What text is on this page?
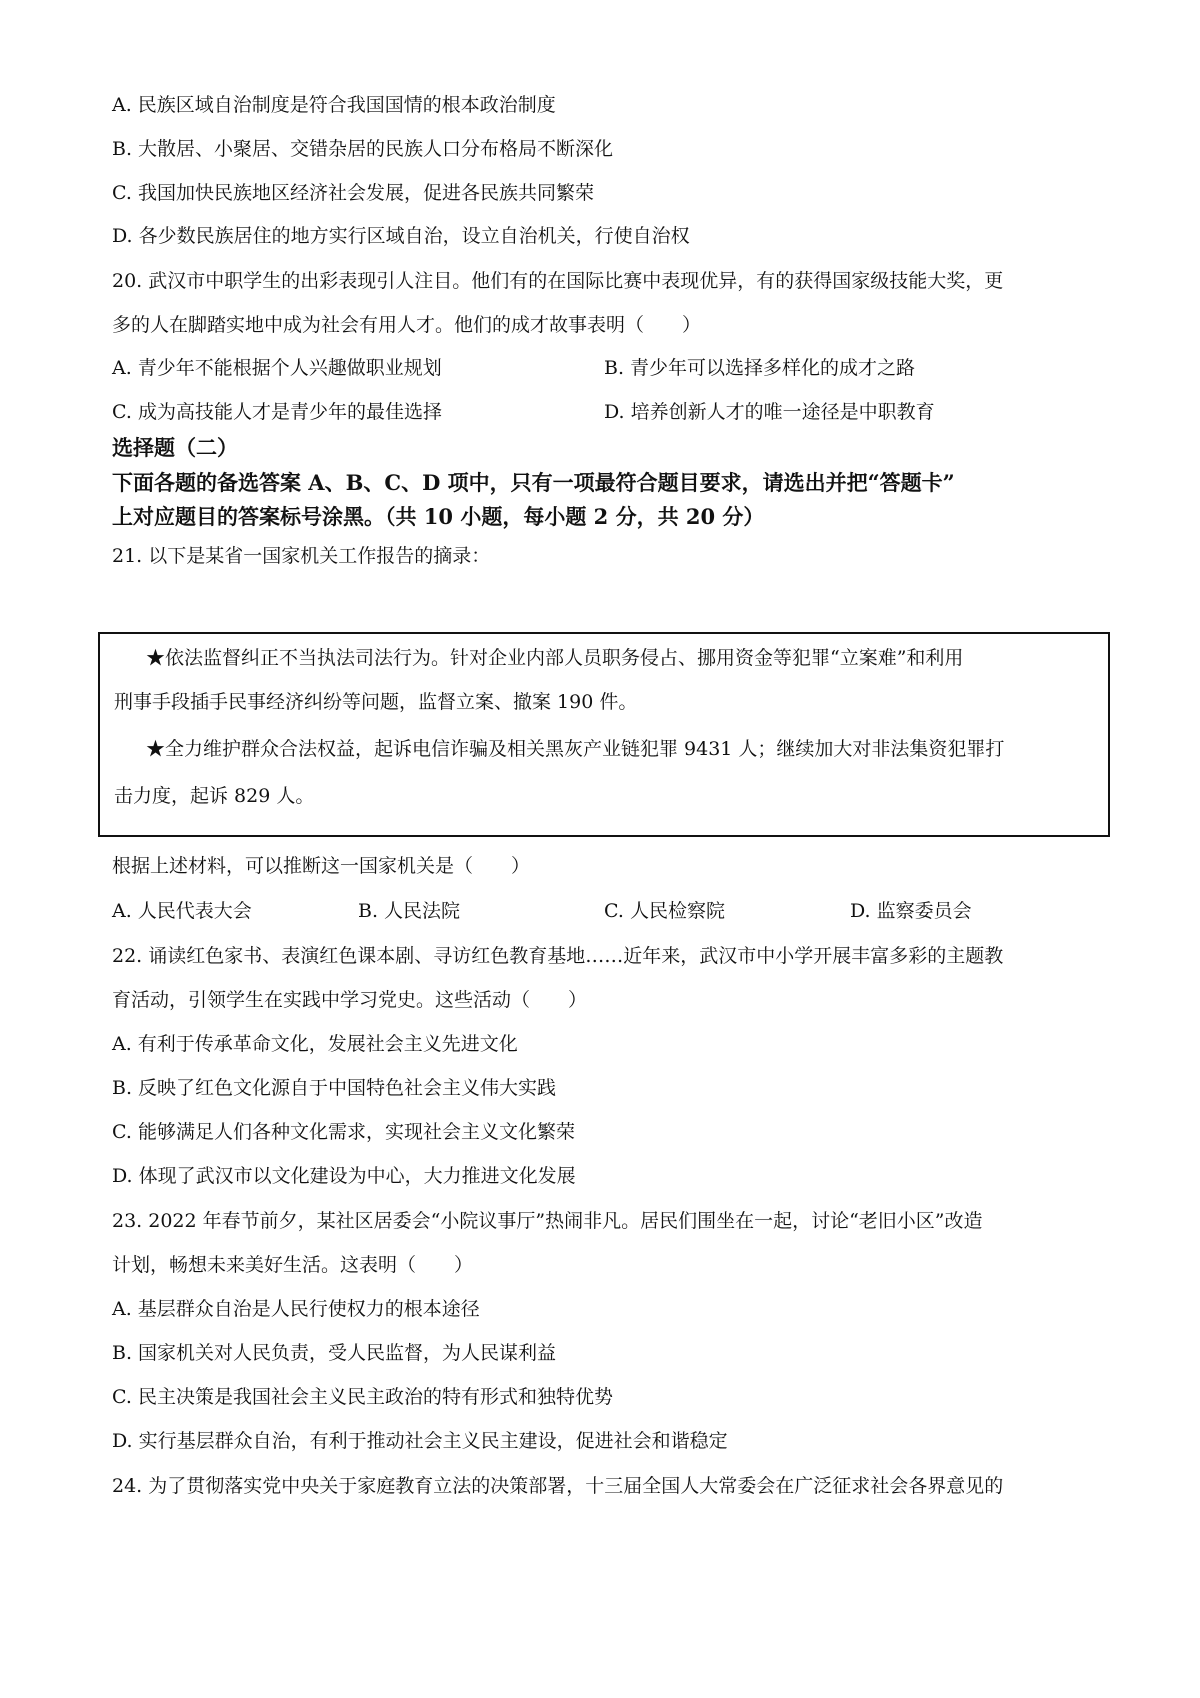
A. 民族区域自治制度是符合我国国情的根本政治制度
B. 大散居、小聚居、交错杂居的民族人口分布格局不断深化
C. 我国加快民族地区经济社会发展，促进各民族共同繁荣
D. 各少数民族居住的地方实行区域自治，设立自治机关，行使自治权
20. 武汉市中职学生的出彩表现引人注目。他们有的在国际比赛中表现优异，有的获得国家级技能大奖，更
多的人在脚踏实地中成为社会有用人才。他们的成才故事表明（　　）
A. 青少年不能根据个人兴趣做职业规划	B. 青少年可以选择多样化的成才之路
C. 成为高技能人才是青少年的最佳选择	D. 培养创新人才的唯一途径是中职教育
选择题（二）
下面各题的备选答案 A、B、C、D 项中，只有一项最符合题目要求，请选出并把“答题卡”
上对应题目的答案标号涂黑。（共 10 小题，每小题 2 分，共 20 分）
21. 以下是某省一国家机关工作报告的摘录：
★依法监督纠正不当执法司法行为。针对企业内部人员职务侵占、挪用资金等犯罪“立案难”和利用
刑事手段插手民事经济纠纷等问题，监督立案、撤案 190 件。
★全力维护群众合法权益，起诉电信诈骗及相关黑灰产业链犯罪 9431 人；继续加大对非法集资犯罪打
击力度，起诉 829 人。
根据上述材料，可以推断这一国家机关是（　　）
A. 人民代表大会	B. 人民法院	C. 人民检察院	D. 监察委员会
22. 诵读红色家书、表演红色课本剧、寻访红色教育基地……近年来，武汉市中小学开展丰富多彩的主题教
育活动，引领学生在实践中学习党史。这些活动（　　）
A. 有利于传承革命文化，发展社会主义先进文化
B. 反映了红色文化源自于中国特色社会主义伟大实践
C. 能够满足人们各种文化需求，实现社会主义文化繁荣
D. 体现了武汉市以文化建设为中心，大力推进文化发展
23. 2022 年春节前夕，某社区居委会“小院议事厅”热闹非凡。居民们围坐在一起，讨论“老旧小区”改造
计划，畅想未来美好生活。这表明（　　）
A. 基层群众自治是人民行使权力的根本途径
B. 国家机关对人民负责，受人民监督，为人民谋利益
C. 民主决策是我国社会主义民主政治的特有形式和独特优势
D. 实行基层群众自治，有利于推动社会主义民主建设，促进社会和谐稳定
24. 为了贯彻落实党中央关于家庭教育立法的决策部署，十三届全国人大常委会在广泛征求社会各界意见的
